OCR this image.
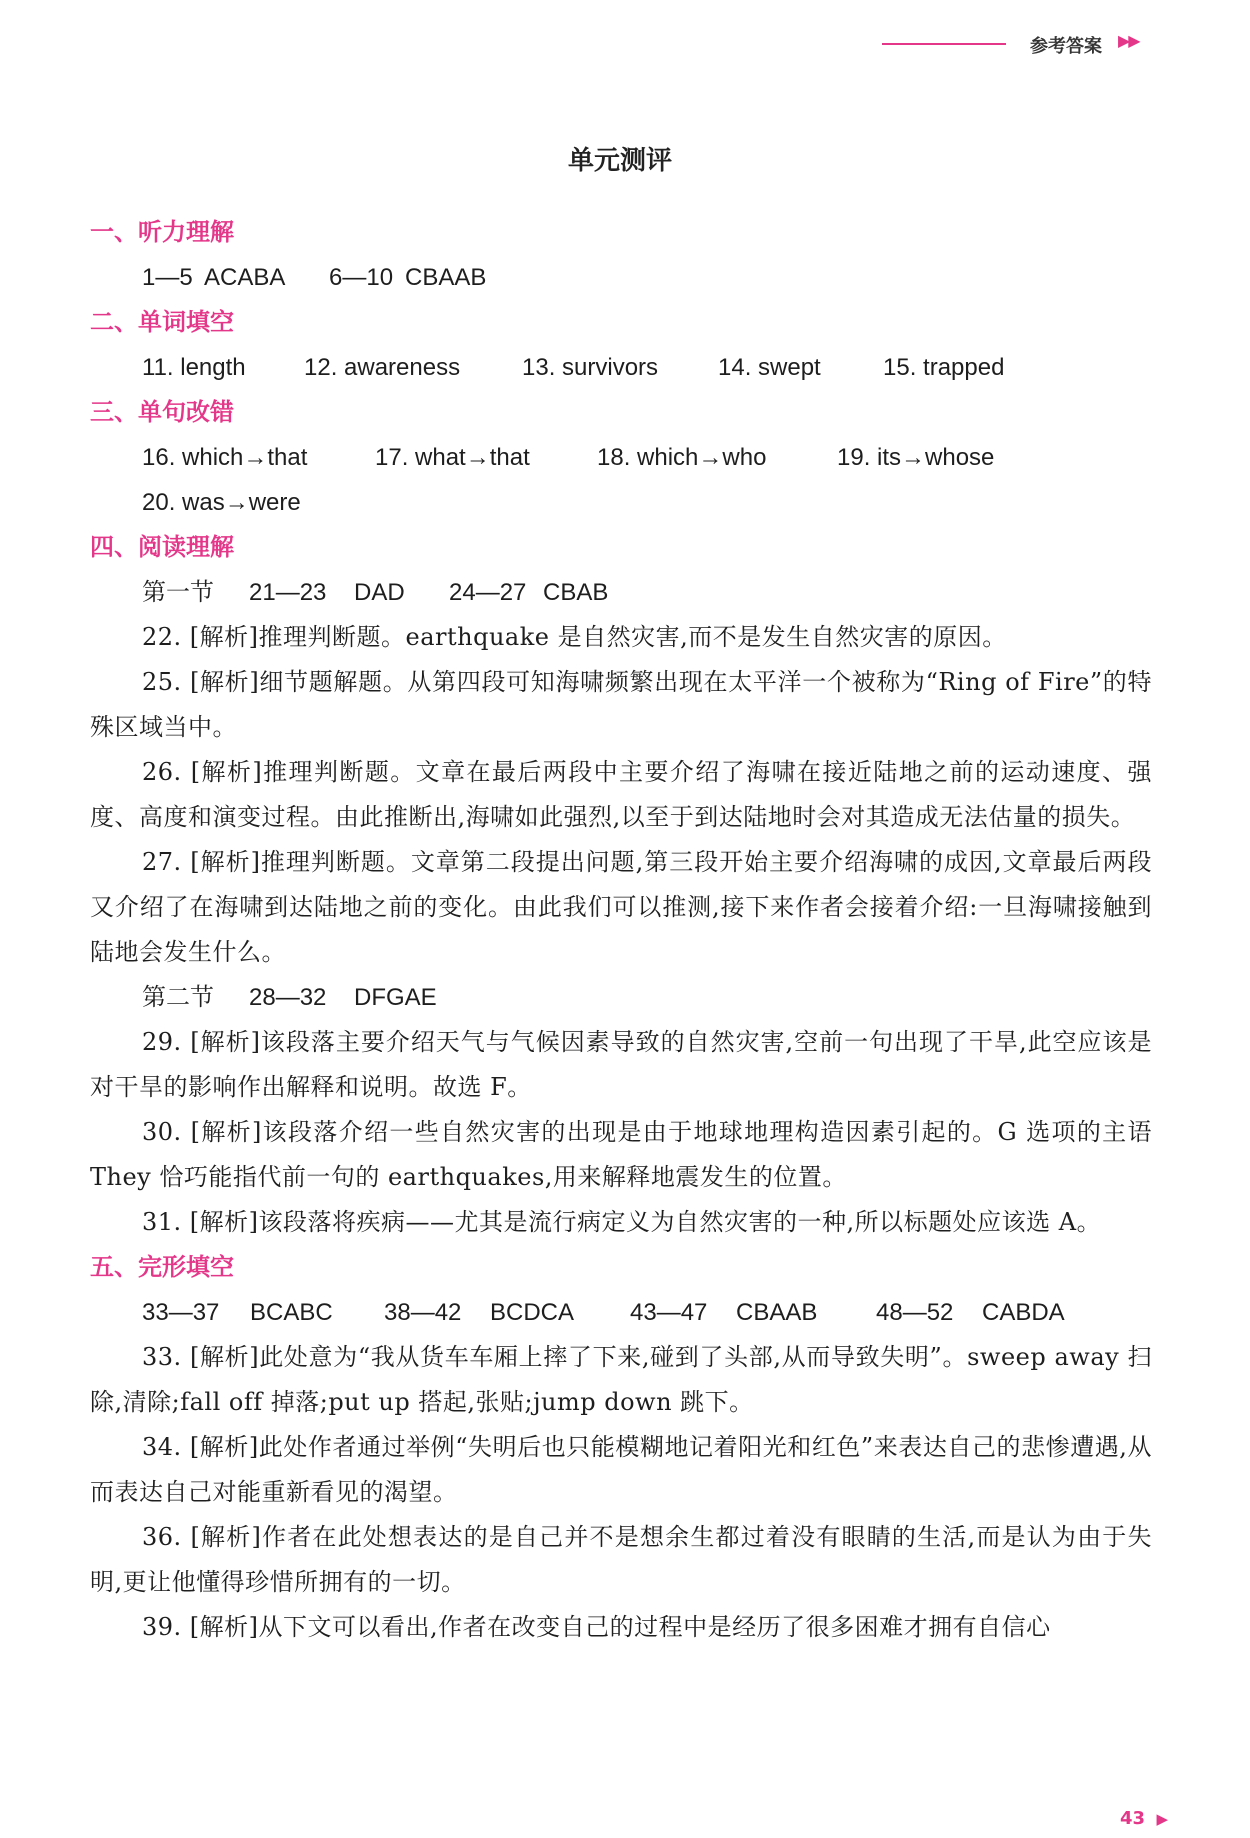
参考答案 ▶▶
单元测评
一、听力理解
1—5 ACABA 6—10 CBAAB
二、单词填空
11. length 12. awareness	13. survivors 14. swept	15. trapped
三、单句改错
16. which→that	17. what→that	18. which→who	19. its→whose
20. was→were
四、阅读理解
第一节 21—23 DAD 24—27 CBAB
22. [解析]推理判断题。earthquake 是自然灾害,而不是发生自然灾害的原因。
25. [解析]细节题解题。从第四段可知海啸频繁出现在太平洋一个被称为“Ring of Fire”的特殊区域当中。
26. [解析]推理判断题。文章在最后两段中主要介绍了海啸在接近陆地之前的运动速度、强度、高度和演变过程。由此推断出,海啸如此强烈,以至于到达陆地时会对其造成无法估量的损失。
27. [解析]推理判断题。文章第二段提出问题,第三段开始主要介绍海啸的成因,文章最后两段又介绍了在海啸到达陆地之前的变化。由此我们可以推测,接下来作者会接着介绍:一旦海啸接触到陆地会发生什么。
第二节 28—32 DFGAE
29. [解析]该段落主要介绍天气与气候因素导致的自然灾害,空前一句出现了干旱,此空应该是对干旱的影响作出解释和说明。故选 F。
30. [解析]该段落介绍一些自然灾害的出现是由于地球地理构造因素引起的。G 选项的主语 They 恰巧能指代前一句的 earthquakes,用来解释地震发生的位置。
31. [解析]该段落将疾病——尤其是流行病定义为自然灾害的一种,所以标题处应该选 A。
五、完形填空
33—37 BCABC 38—42 BCDCA 43—47 CBAAB 48—52 CABDA
33. [解析]此处意为“我从货车车厢上摔了下来,碰到了头部,从而导致失明”。sweep away 扫除,清除;fall off 掉落;put up 搭起,张贴;jump down 跳下。
34. [解析]此处作者通过举例“失明后也只能模糊地记着阳光和红色”来表达自己的悲惨遭遇,从而表达自己对能重新看见的渴望。
36. [解析]作者在此处想表达的是自己并不是想余生都过着没有眼睛的生活,而是认为由于失明,更让他懂得珍惜所拥有的一切。
39. [解析]从下文可以看出,作者在改变自己的过程中是经历了很多困难才拥有自信心
43 ▶
